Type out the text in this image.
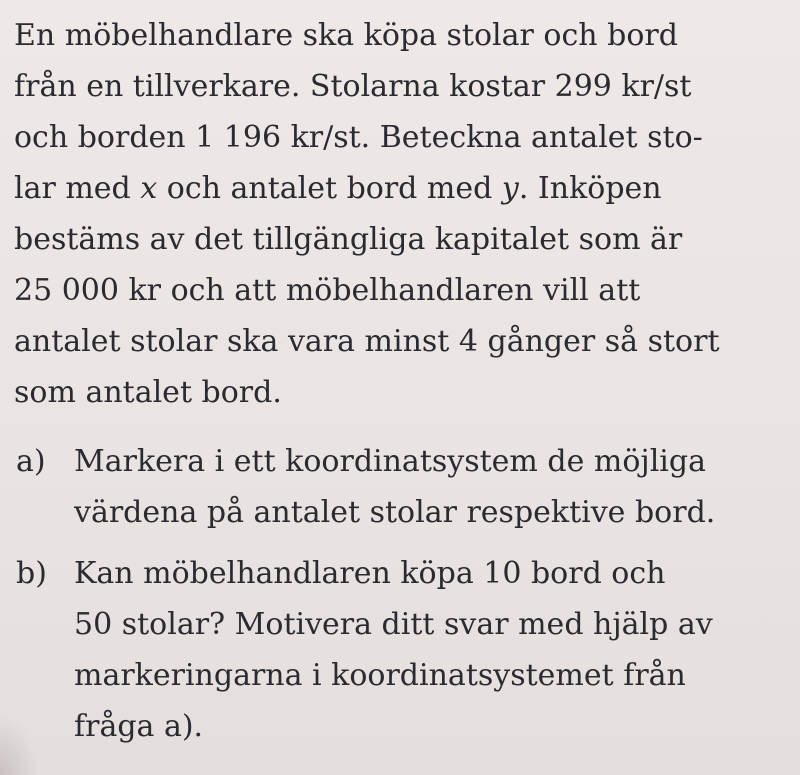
En möbelhandlare ska köpa stolar och bord
från en tillverkare. Stolarna kostar 299 kr/st
och borden 1 196 kr/st. Beteckna antalet sto-
lar med x och antalet bord med y. Inköpen
bestäms av det tillgängliga kapitalet som är
25 000 kr och att möbelhandlaren vill att
antalet stolar ska vara minst 4 gånger så stort
som antalet bord.
a) Markera i ett koordinatsystem de möjliga
värdena på antalet stolar respektive bord.
b) Kan möbelhandlaren köpa 10 bord och
50 stolar? Motivera ditt svar med hjälp av
markeringarna i koordinatsystemet från
fråga a).
